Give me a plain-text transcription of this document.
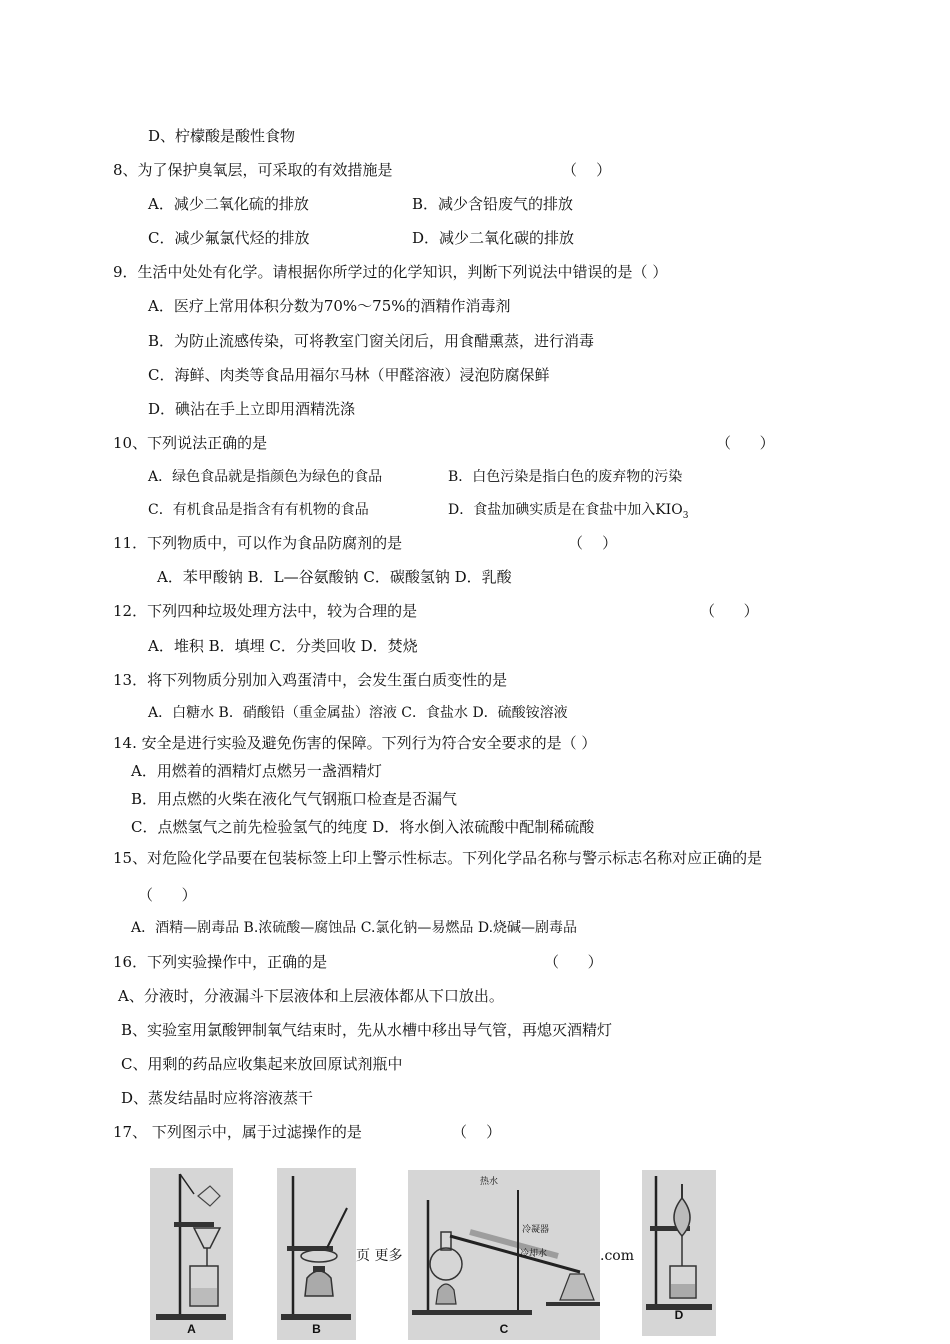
D、柠檬酸是酸性食物
8、为了保护臭氧层，可采取的有效措施是	（    ）
A．减少二氧化硫的排放	B．减少含铅废气的排放
C．减少氟氯代烃的排放	D．减少二氧化碳的排放
9．生活中处处有化学。请根据你所学过的化学知识，判断下列说法中错误的是（ ）
A．医疗上常用体积分数为70%～75%的酒精作消毒剂
B．为防止流感传染，可将教室门窗关闭后，用食醋熏蒸，进行消毒
C．海鲜、肉类等食品用福尔马林（甲醛溶液）浸泡防腐保鲜
D．碘沾在手上立即用酒精洗涤
10、下列说法正确的是	（      ）
A．绿色食品就是指颜色为绿色的食品	B．白色污染是指白色的废弃物的污染
C．有机食品是指含有有机物的食品	D．食盐加碘实质是在食盐中加入$KIO_3$
11．下列物质中，可以作为食品防腐剂的是	（    ）
A．苯甲酸钠 B．L—谷氨酸钠 C．碳酸氢钠 D．乳酸
12．下列四种垃圾处理方法中，较为合理的是	（      ）
A．堆积 B．填埋 C．分类回收 D．焚烧
13．将下列物质分别加入鸡蛋清中，会发生蛋白质变性的是
A．白糖水 B．硝酸铅（重金属盐）溶液 C．食盐水 D．硫酸铵溶液
14. 安全是进行实验及避免伤害的保障。下列行为符合安全要求的是（ ）
A．用燃着的酒精灯点燃另一盏酒精灯
B．用点燃的火柴在液化气气钢瓶口检查是否漏气
C．点燃氢气之前先检验氢气的纯度 D．将水倒入浓硫酸中配制稀硫酸
15、对危险化学品要在包装标签上印上警示性标志。下列化学品名称与警示标志名称对应正确的是
（      ）
A．酒精—剧毒品 B.浓硫酸—腐蚀品 C.氯化钠—易燃品 D.烧碱—剧毒品
16．下列实验操作中，正确的是	（      ）
A、分液时，分液漏斗下层液体和上层液体都从下口放出。
B、实验室用氯酸钾制氧气结束时，先从水槽中移出导气管，再熄灭酒精灯
C、用剩的药品应收集起来放回原试剂瓶中
D、蒸发结晶时应将溶液蒸干
17、 下列图示中，属于过滤操作的是	（    ）
A	B
热水
冷凝器
冷却水
C
D
页 更多	.com
